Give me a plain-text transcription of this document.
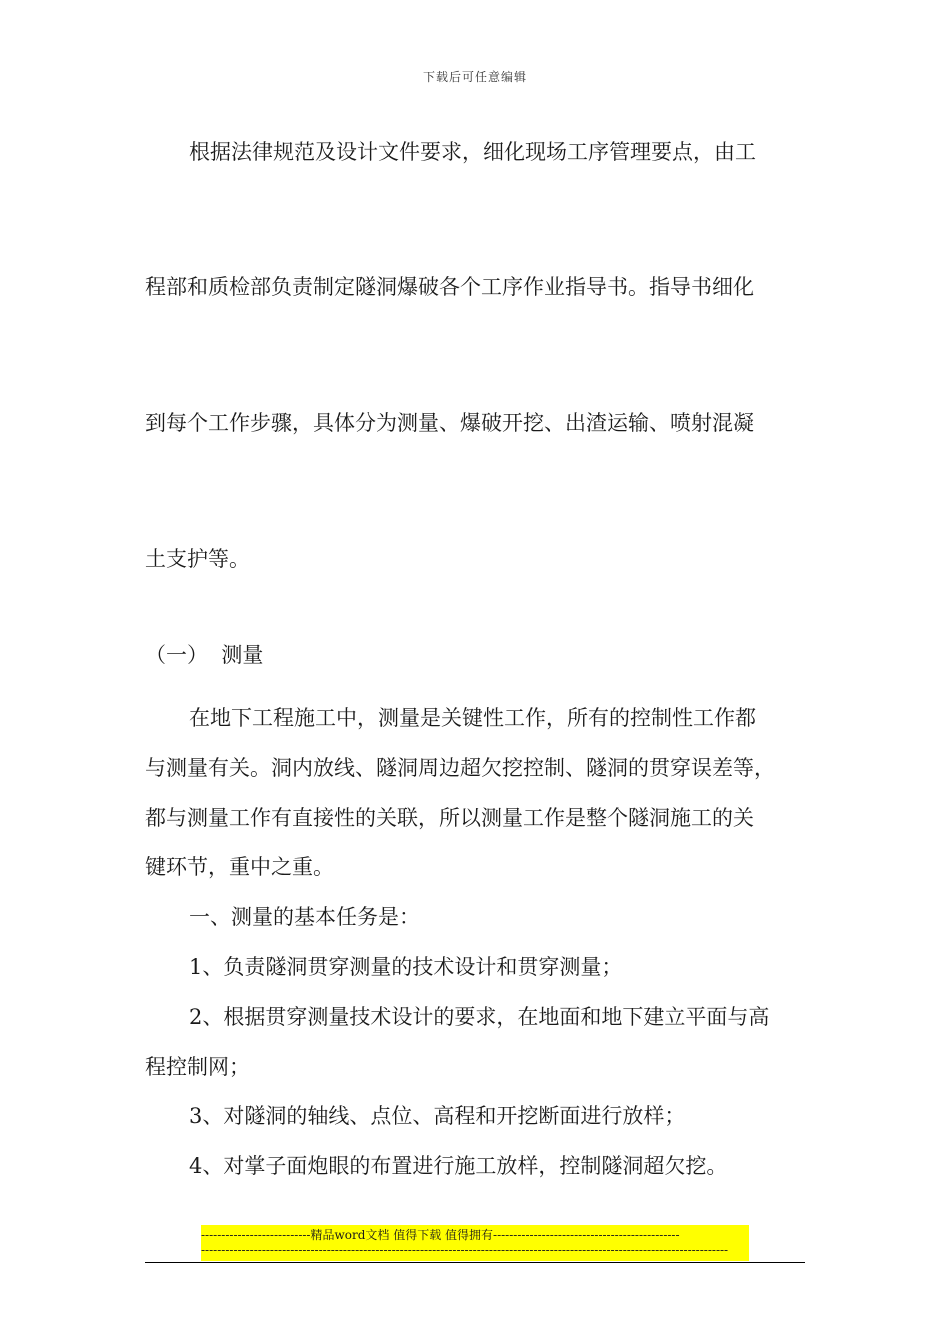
下载后可任意编辑
根据法律规范及设计文件要求，细化现场工序管理要点，由工
程部和质检部负责制定隧洞爆破各个工序作业指导书。指导书细化
到每个工作步骤，具体分为测量、爆破开挖、出渣运输、喷射混凝
土支护等。
（一）  测量
在地下工程施工中，测量是关键性工作，所有的控制性工作都
与测量有关。洞内放线、隧洞周边超欠挖控制、隧洞的贯穿误差等，
都与测量工作有直接性的关联，所以测量工作是整个隧洞施工的关
键环节，重中之重。
一、测量的基本任务是：
1、负责隧洞贯穿测量的技术设计和贯穿测量；
2、根据贯穿测量技术设计的要求，在地面和地下建立平面与高
程控制网；
3、对隧洞的轴线、点位、高程和开挖断面进行放样；
4、对掌子面炮眼的布置进行施工放样，控制隧洞超欠挖。
---------------------------精品word文档 值得下载 值得拥有----------------------------------------------
----------------------------------------------------------------------------------------------------------------------------------
